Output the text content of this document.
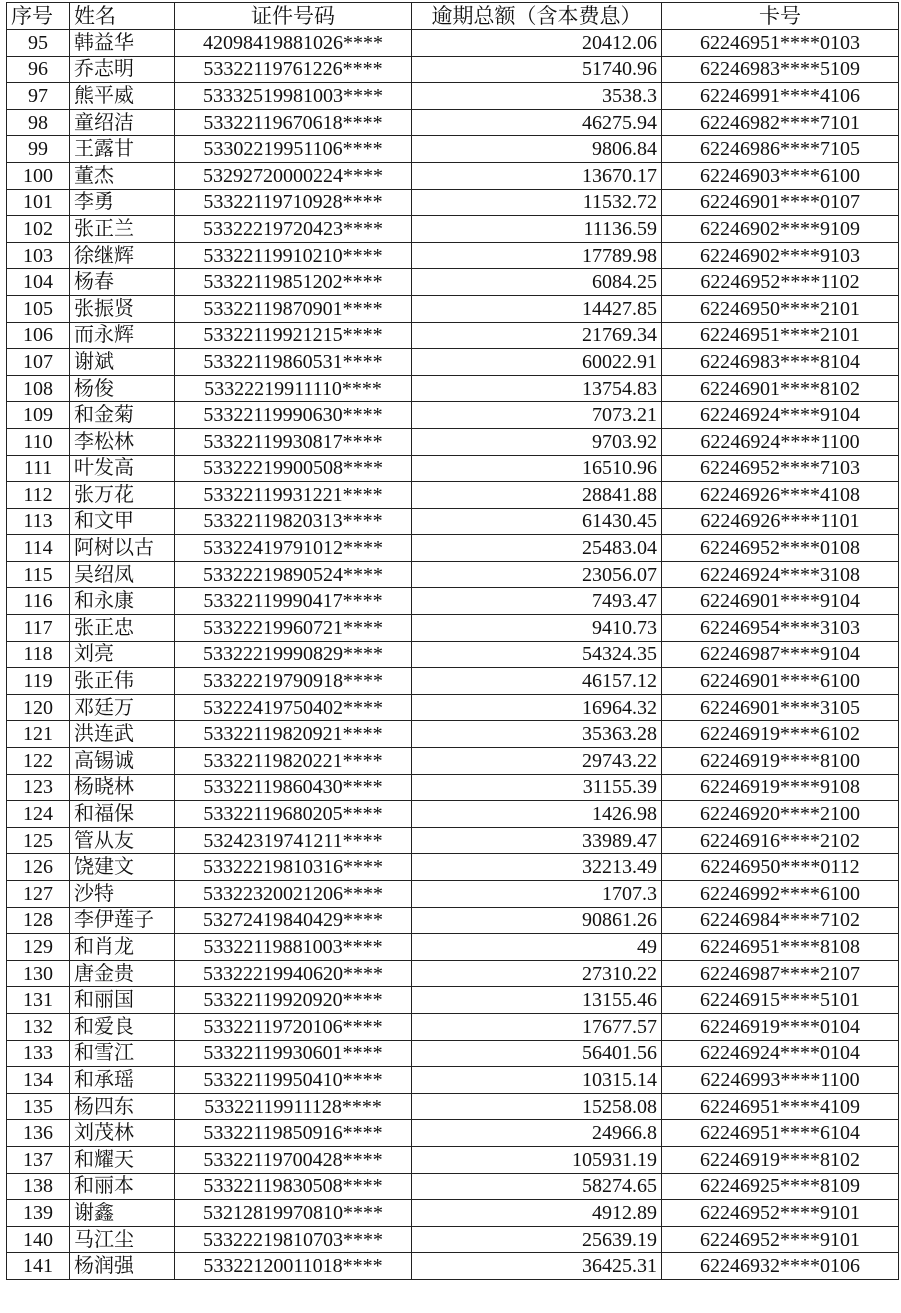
序号	姓名	证件号码	逾期总额（含本费息）	卡号
95	韩益华	42098419881026****	20412.06	62246951****0103
96	乔志明	53322119761226****	51740.96	62246983****5109
97	熊平威	53332519981003****	3538.3	62246991****4106
98	童绍洁	53322119670618****	46275.94	62246982****7101
99	王露甘	53302219951106****	9806.84	62246986****7105
100	董杰	53292720000224****	13670.17	62246903****6100
101	李勇	53322119710928****	11532.72	62246901****0107
102	张正兰	53322219720423****	11136.59	62246902****9109
103	徐继辉	53322119910210****	17789.98	62246902****9103
104	杨春	53322119851202****	6084.25	62246952****1102
105	张振贤	53322119870901****	14427.85	62246950****2101
106	而永辉	53322119921215****	21769.34	62246951****2101
107	谢斌	53322119860531****	60022.91	62246983****8104
108	杨俊	53322219911110****	13754.83	62246901****8102
109	和金菊	53322119990630****	7073.21	62246924****9104
110	李松林	53322119930817****	9703.92	62246924****1100
111	叶发高	53322219900508****	16510.96	62246952****7103
112	张万花	53322119931221****	28841.88	62246926****4108
113	和文甲	53322119820313****	61430.45	62246926****1101
114	阿树以古	53322419791012****	25483.04	62246952****0108
115	吴绍凤	53322219890524****	23056.07	62246924****3108
116	和永康	53322119990417****	7493.47	62246901****9104
117	张正忠	53322219960721****	9410.73	62246954****3103
118	刘亮	53322219990829****	54324.35	62246987****9104
119	张正伟	53322219790918****	46157.12	62246901****6100
120	邓廷万	53222419750402****	16964.32	62246901****3105
121	洪连武	53322119820921****	35363.28	62246919****6102
122	高锡诚	53322119820221****	29743.22	62246919****8100
123	杨晓林	53322119860430****	31155.39	62246919****9108
124	和福保	53322119680205****	1426.98	62246920****2100
125	管从友	53242319741211****	33989.47	62246916****2102
126	饶建文	53322219810316****	32213.49	62246950****0112
127	沙特	53322320021206****	1707.3	62246992****6100
128	李伊莲子	53272419840429****	90861.26	62246984****7102
129	和肖龙	53322119881003****	49	62246951****8108
130	唐金贵	53322219940620****	27310.22	62246987****2107
131	和丽国	53322119920920****	13155.46	62246915****5101
132	和爱良	53322119720106****	17677.57	62246919****0104
133	和雪江	53322119930601****	56401.56	62246924****0104
134	和承瑶	53322119950410****	10315.14	62246993****1100
135	杨四东	53322119911128****	15258.08	62246951****4109
136	刘茂林	53322119850916****	24966.8	62246951****6104
137	和耀天	53322119700428****	105931.19	62246919****8102
138	和丽本	53322119830508****	58274.65	62246925****8109
139	谢鑫	53212819970810****	4912.89	62246952****9101
140	马江尘	53322219810703****	25639.19	62246952****9101
141	杨润强	53322120011018****	36425.31	62246932****0106
